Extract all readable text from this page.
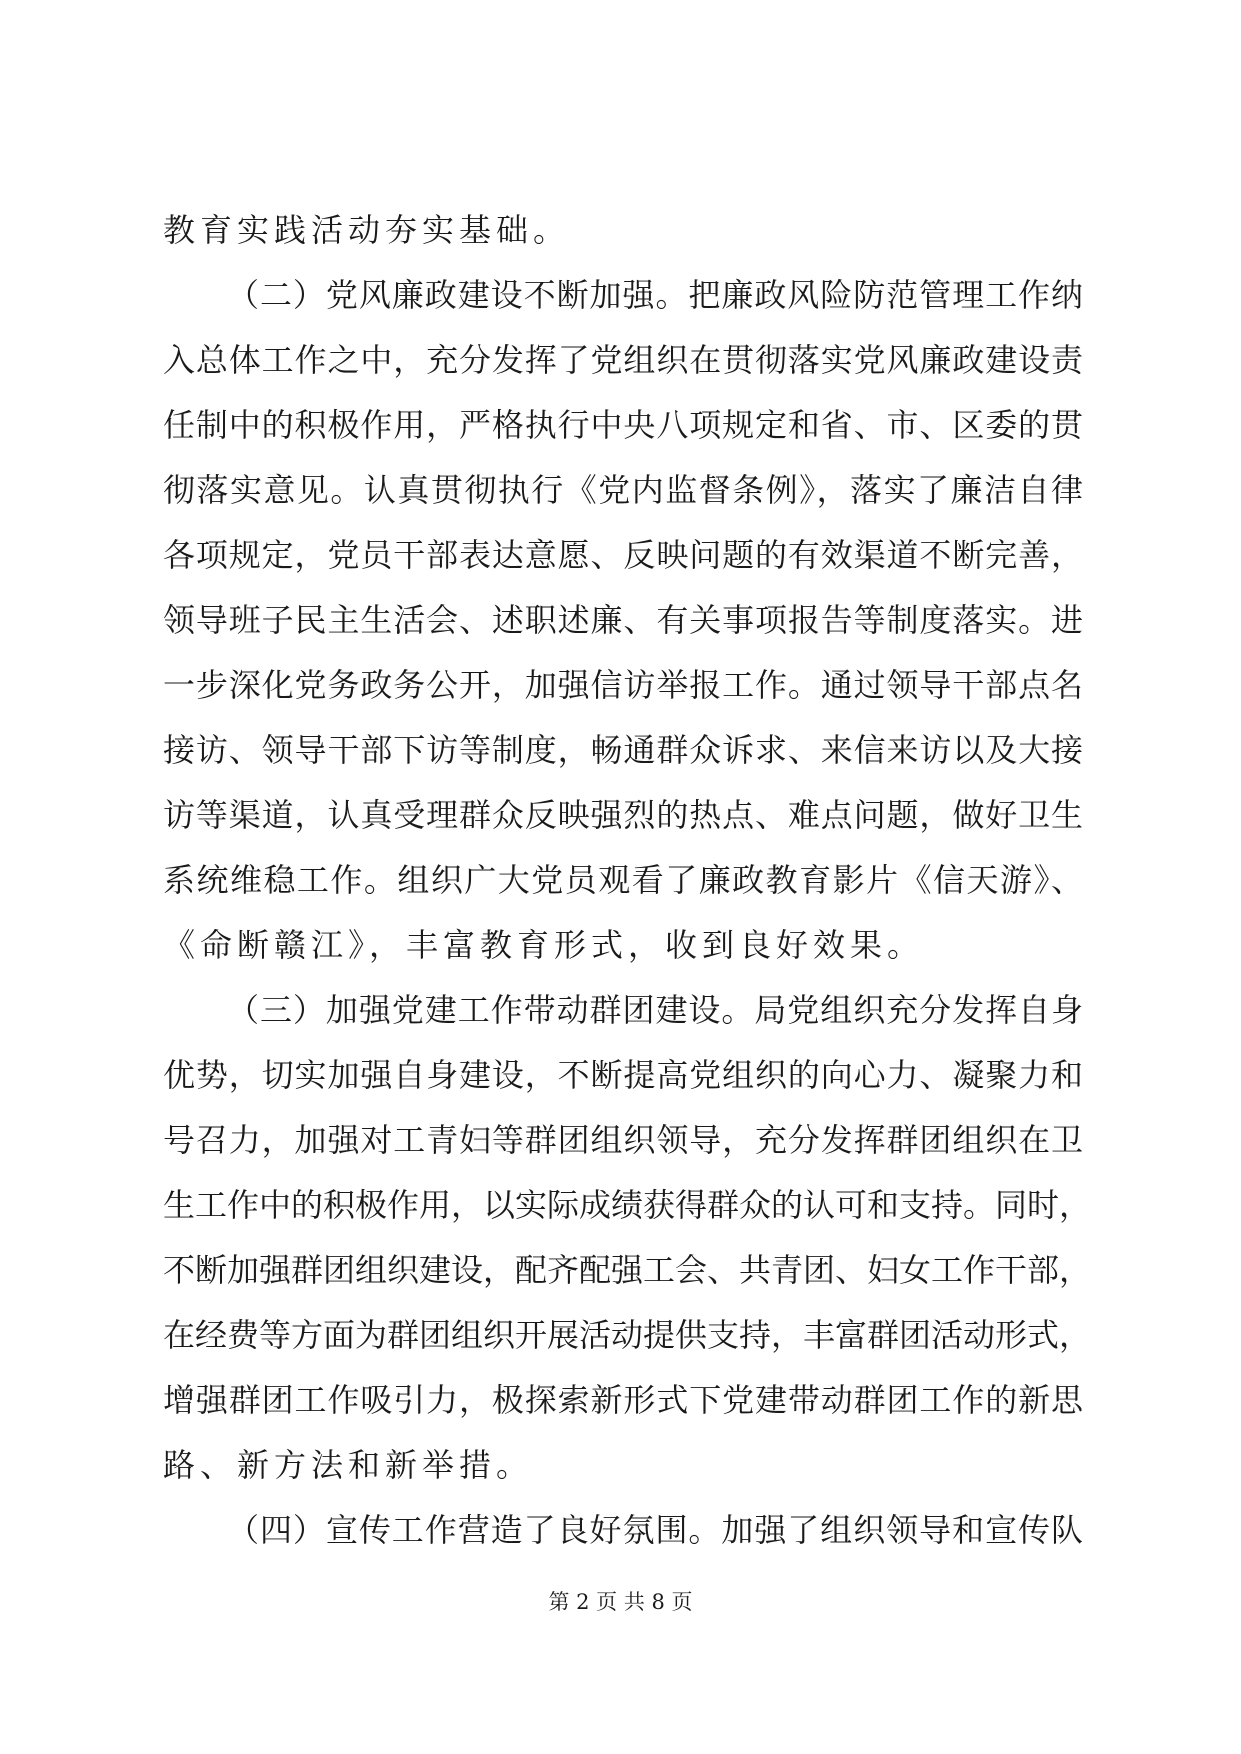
教育实践活动夯实基础。
（二）党风廉政建设不断加强。把廉政风险防范管理工作纳
入总体工作之中，充分发挥了党组织在贯彻落实党风廉政建设责
任制中的积极作用，严格执行中央八项规定和省、市、区委的贯
彻落实意见。认真贯彻执行《党内监督条例》，落实了廉洁自律
各项规定，党员干部表达意愿、反映问题的有效渠道不断完善，
领导班子民主生活会、述职述廉、有关事项报告等制度落实。进
一步深化党务政务公开，加强信访举报工作。通过领导干部点名
接访、领导干部下访等制度，畅通群众诉求、来信来访以及大接
访等渠道，认真受理群众反映强烈的热点、难点问题，做好卫生
系统维稳工作。组织广大党员观看了廉政教育影片《信天游》、
《命断赣江》，丰富教育形式，收到良好效果。
（三）加强党建工作带动群团建设。局党组织充分发挥自身
优势，切实加强自身建设，不断提高党组织的向心力、凝聚力和
号召力，加强对工青妇等群团组织领导，充分发挥群团组织在卫
生工作中的积极作用，以实际成绩获得群众的认可和支持。同时，
不断加强群团组织建设，配齐配强工会、共青团、妇女工作干部，
在经费等方面为群团组织开展活动提供支持，丰富群团活动形式，
增强群团工作吸引力，极探索新形式下党建带动群团工作的新思
路、新方法和新举措。
（四）宣传工作营造了良好氛围。加强了组织领导和宣传队
第 2 页 共 8 页
